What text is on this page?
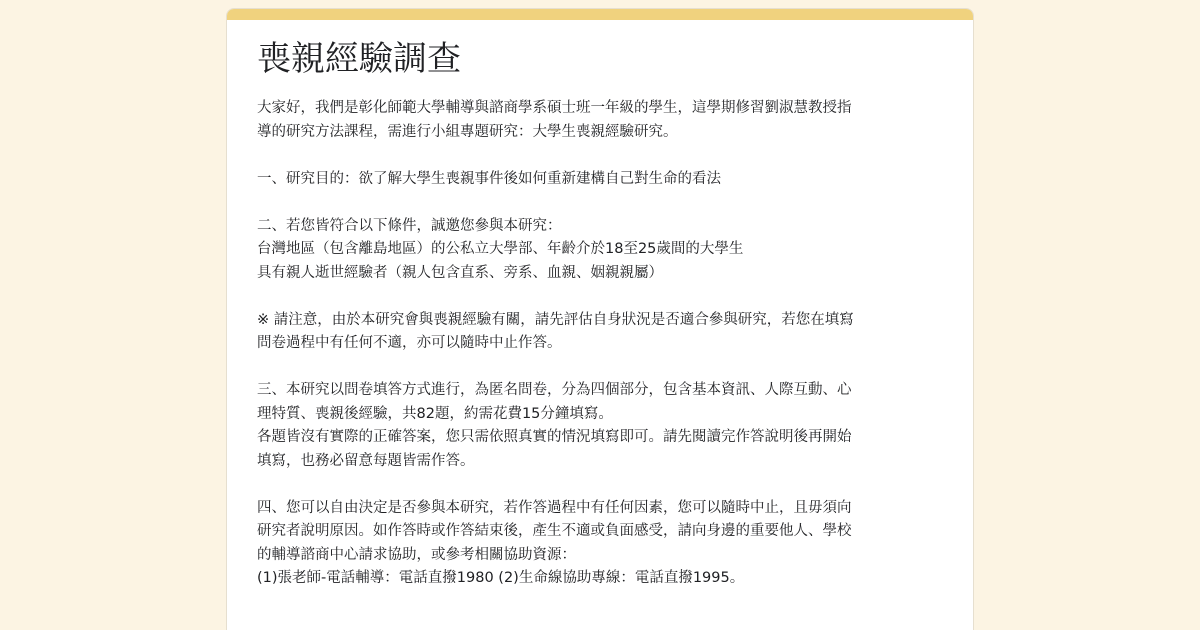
喪親經驗調查

大家好，我們是彰化師範大學輔導與諮商學系碩士班一年級的學生，這學期修習劉淑慧教授指
導的研究方法課程，需進行小組專題研究：大學生喪親經驗研究。

一、研究目的：欲了解大學生喪親事件後如何重新建構自己對生命的看法

二、若您皆符合以下條件，誠邀您參與本研究：
台灣地區（包含離島地區）的公私立大學部、年齡介於18至25歲間的大學生
具有親人逝世經驗者（親人包含直系、旁系、血親、姻親親屬）

※ 請注意，由於本研究會與喪親經驗有關，請先評估自身狀況是否適合參與研究，若您在填寫
問卷過程中有任何不適，亦可以隨時中止作答。

三、本研究以問卷填答方式進行，為匿名問卷，分為四個部分，包含基本資訊、人際互動、心
理特質、喪親後經驗，共82題，約需花費15分鐘填寫。
各題皆沒有實際的正確答案，您只需依照真實的情況填寫即可。請先閱讀完作答說明後再開始
填寫，也務必留意每題皆需作答。

四、您可以自由決定是否參與本研究，若作答過程中有任何因素，您可以隨時中止，且毋須向
研究者說明原因。如作答時或作答結束後，產生不適或負面感受，請向身邊的重要他人、學校
的輔導諮商中心請求協助，或參考相關協助資源：
(1)張老師-電話輔導：電話直撥1980 (2)生命線協助專線：電話直撥1995。
